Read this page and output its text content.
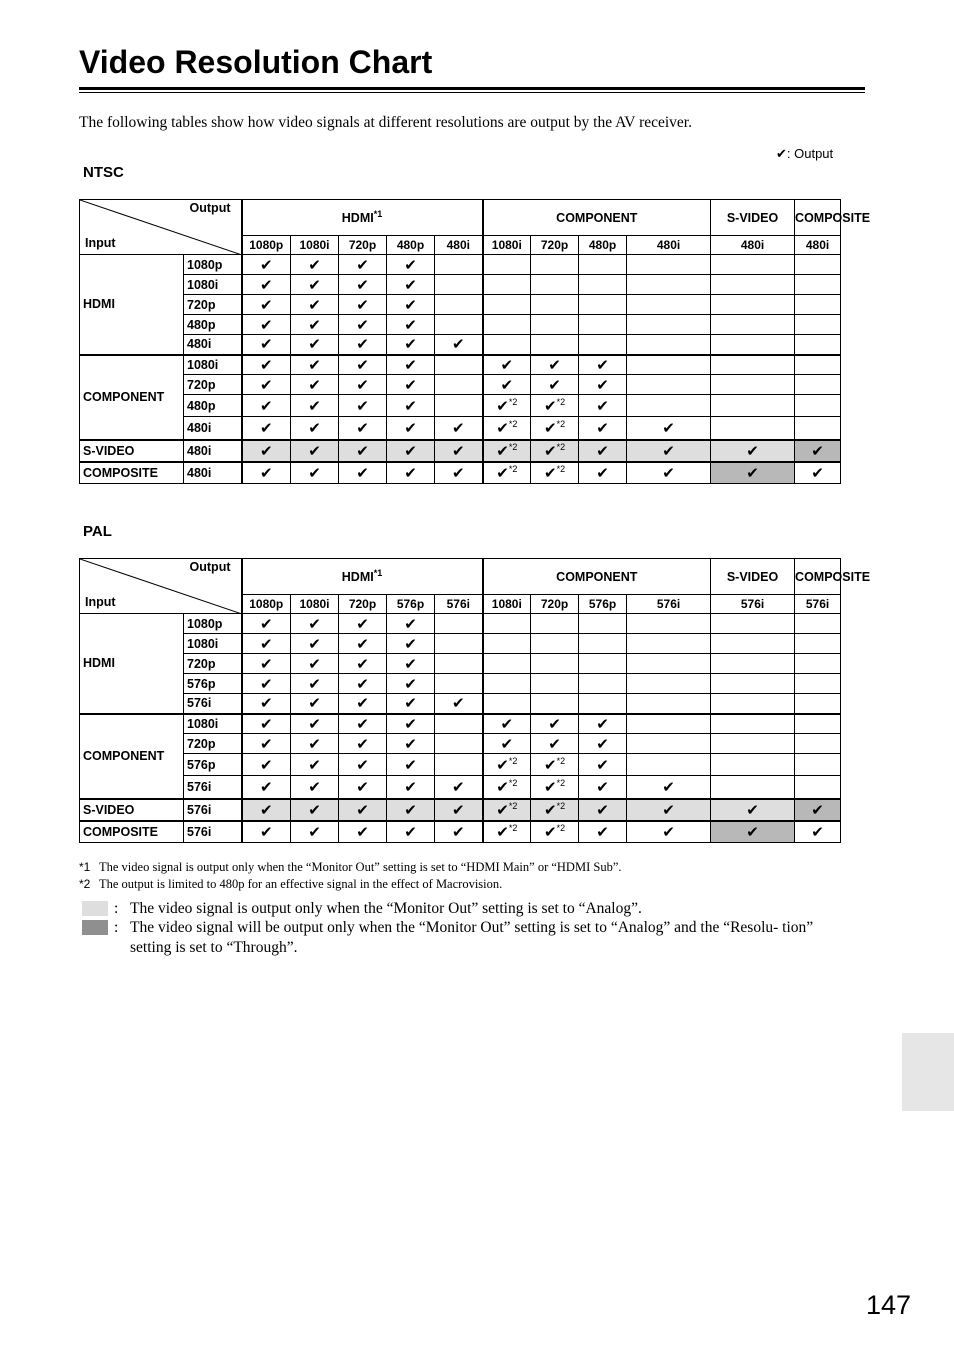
Video Resolution Chart

The following tables show how video signals at different resolutions are output by the AV receiver.

✔: Output
NTSC
Output
Input		HDMI$^{*1}$					COMPONENT				S-VIDEO	COMPOSITE
		1080p	1080i	720p	480p	480i	1080i	720p	480p	480i	480i	480i
HDMI	1080p	✔	✔	✔	✔							
	1080i	✔	✔	✔	✔							
	720p	✔	✔	✔	✔							
	480p	✔	✔	✔	✔							
	480i	✔	✔	✔	✔	✔						
COMPONENT	1080i	✔	✔	✔	✔		✔	✔	✔			
	720p	✔	✔	✔	✔		✔	✔	✔			
	480p	✔	✔	✔	✔		✔$^{*2}$	✔$^{*2}$	✔			
	480i	✔	✔	✔	✔	✔	✔$^{*2}$	✔$^{*2}$	✔	✔		
S-VIDEO	480i	✔	✔	✔	✔	✔	✔$^{*2}$	✔$^{*2}$	✔	✔	✔	✔
COMPOSITE	480i	✔	✔	✔	✔	✔	✔$^{*2}$	✔$^{*2}$	✔	✔	✔	✔
PAL
Output
Input		HDMI$^{*1}$					COMPONENT				S-VIDEO	COMPOSITE
		1080p	1080i	720p	576p	576i	1080i	720p	576p	576i	576i	576i
HDMI	1080p	✔	✔	✔	✔							
	1080i	✔	✔	✔	✔							
	720p	✔	✔	✔	✔							
	576p	✔	✔	✔	✔							
	576i	✔	✔	✔	✔	✔						
COMPONENT	1080i	✔	✔	✔	✔		✔	✔	✔			
	720p	✔	✔	✔	✔		✔	✔	✔			
	576p	✔	✔	✔	✔		✔$^{*2}$	✔$^{*2}$	✔			
	576i	✔	✔	✔	✔	✔	✔$^{*2}$	✔$^{*2}$	✔	✔		
S-VIDEO	576i	✔	✔	✔	✔	✔	✔$^{*2}$	✔$^{*2}$	✔	✔	✔	✔
COMPOSITE	576i	✔	✔	✔	✔	✔	✔$^{*2}$	✔$^{*2}$	✔	✔	✔	✔
*1 The video signal is output only when the “Monitor Out” setting is set to “HDMI Main” or “HDMI Sub”.
*2 The output is limited to 480p for an effective signal in the effect of Macrovision.
: The video signal is output only when the “Monitor Out” setting is set to “Analog”.
: The video signal will be output only when the “Monitor Out” setting is set to “Analog” and the “Resolu- tion” setting is set to “Through”.
147
